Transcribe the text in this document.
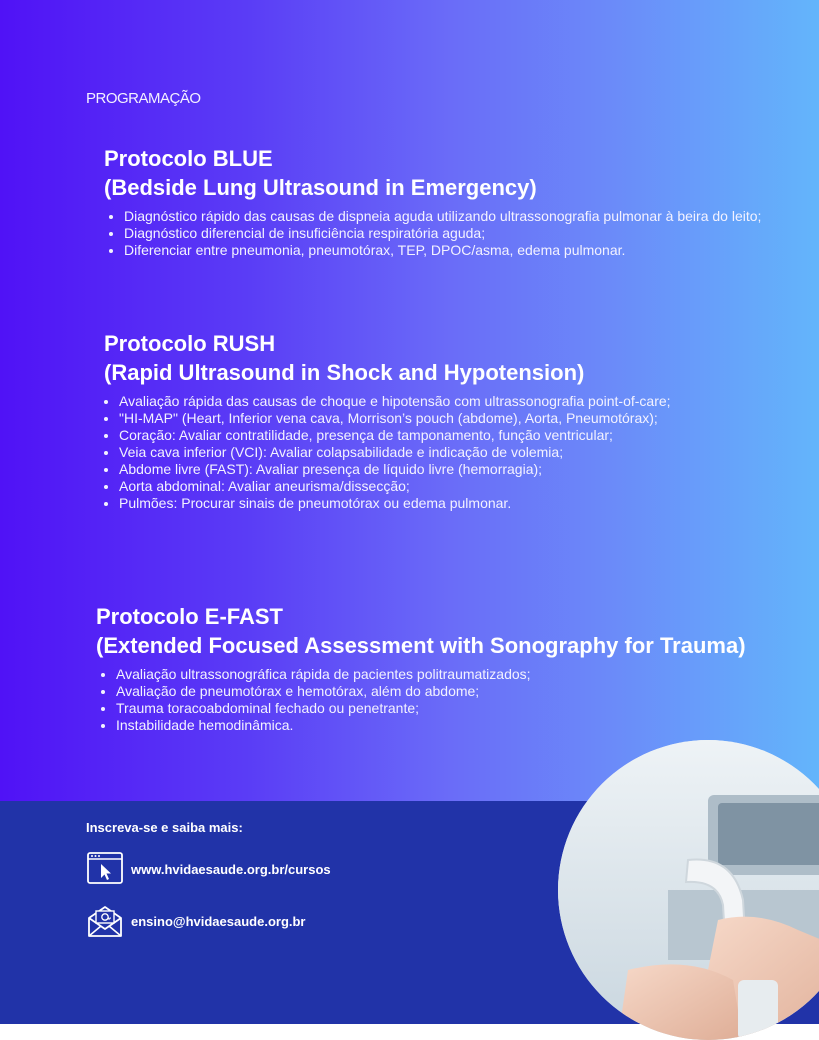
PROGRAMAÇÃO
Protocolo BLUE
(Bedside Lung Ultrasound in Emergency)
• Diagnóstico rápido das causas de dispneia aguda utilizando ultrassonografia pulmonar à beira do leito;
• Diagnóstico diferencial de insuficiência respiratória aguda;
• Diferenciar entre pneumonia, pneumotórax, TEP, DPOC/asma, edema pulmonar.
Protocolo RUSH
(Rapid Ultrasound in Shock and Hypotension)
• Avaliação rápida das causas de choque e hipotensão com ultrassonografia point-of-care;
• "HI-MAP" (Heart, Inferior vena cava, Morrison’s pouch (abdome), Aorta, Pneumotórax);
• Coração: Avaliar contratilidade, presença de tamponamento, função ventricular;
• Veia cava inferior (VCI): Avaliar colapsabilidade e indicação de volemia;
• Abdome livre (FAST): Avaliar presença de líquido livre (hemorragia);
• Aorta abdominal: Avaliar aneurisma/dissecção;
• Pulmões: Procurar sinais de pneumotórax ou edema pulmonar.
Protocolo E-FAST
(Extended Focused Assessment with Sonography for Trauma)
• Avaliação ultrassonográfica rápida de pacientes politraumatizados;
• Avaliação de pneumotórax e hemotórax, além do abdome;
• Trauma toracoabdominal fechado ou penetrante;
• Instabilidade hemodinâmica.
Inscreva-se e saiba mais:
www.hvidaesaude.org.br/cursos
ensino@hvidaesaude.org.br
